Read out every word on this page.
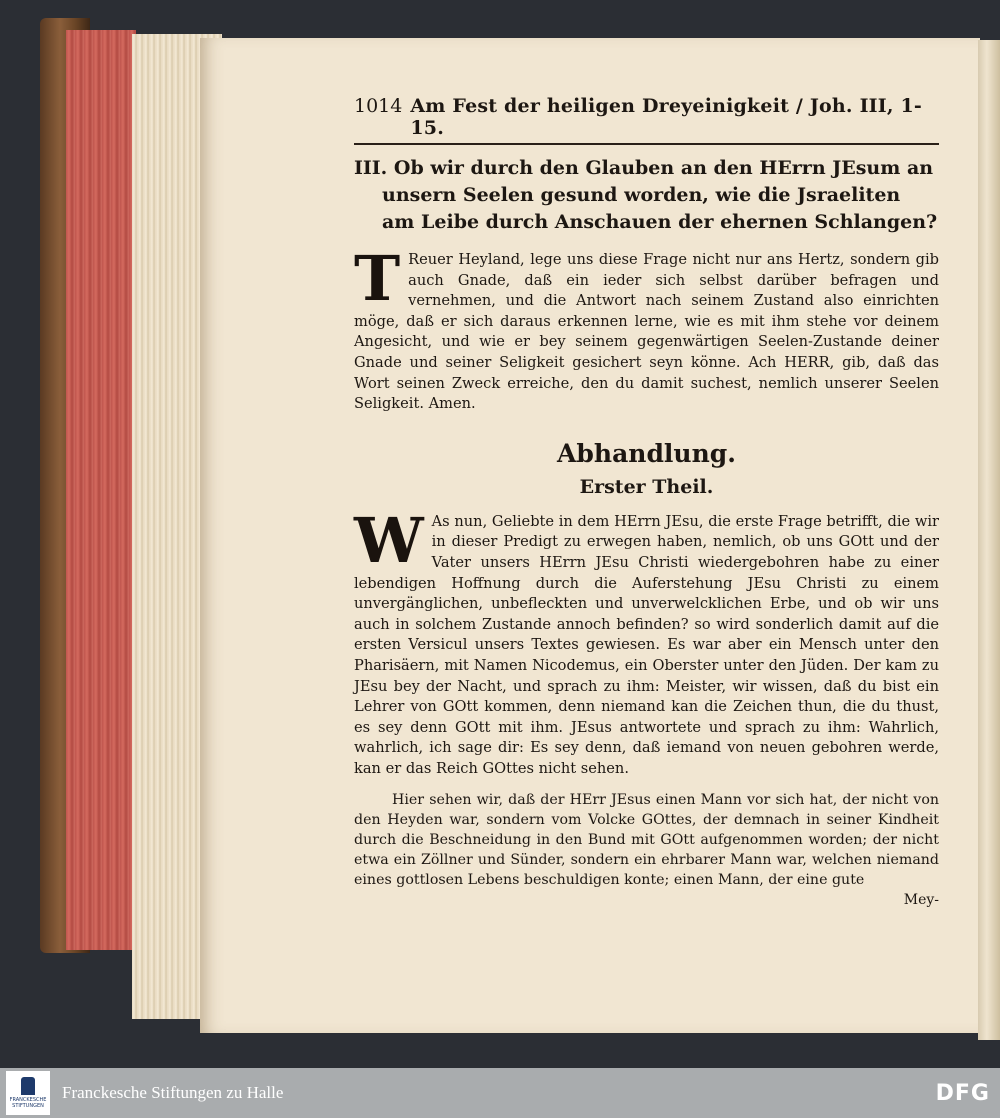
1014 Am Fest der heiligen Dreyeinigkeit / Joh. III, 1-15.
III. Ob wir durch den Glauben an den HErrn JEsum an unsern Seelen gesund worden, wie die Jsraeliten am Leibe durch Anschauen der ehernen Schlangen?
T Reuer Heyland, lege uns diese Frage nicht nur ans Hertz, sondern gib auch Gnade, daß ein ieder sich selbst darüber befragen und vernehmen, und die Antwort nach seinem Zustand also einrichten möge, daß er sich daraus erkennen lerne, wie es mit ihm stehe vor deinem Angesicht, und wie er bey seinem gegenwärtigen Seelen-Zustande deiner Gnade und seiner Seligkeit gesichert seyn könne. Ach HERR, gib, daß das Wort seinen Zweck erreiche, den du damit suchest, nemlich unserer Seelen Seligkeit. Amen.
Abhandlung.
Erster Theil.
W As nun, Geliebte in dem HErrn JEsu, die erste Frage betrifft, die wir in dieser Predigt zu erwegen haben, nemlich, ob uns GOtt und der Vater unsers HErrn JEsu Christi wiedergebohren habe zu einer lebendigen Hoffnung durch die Auferstehung JEsu Christi zu einem unvergänglichen, unbefleckten und unverwelcklichen Erbe, und ob wir uns auch in solchem Zustande annoch befinden? so wird sonderlich damit auf die ersten Versicul unsers Textes gewiesen. Es war aber ein Mensch unter den Pharisäern, mit Namen Nicodemus, ein Oberster unter den Jüden. Der kam zu JEsu bey der Nacht, und sprach zu ihm: Meister, wir wissen, daß du bist ein Lehrer von GOtt kommen, denn niemand kan die Zeichen thun, die du thust, es sey denn GOtt mit ihm. JEsus antwortete und sprach zu ihm: Wahrlich, wahrlich, ich sage dir: Es sey denn, daß iemand von neuen gebohren werde, kan er das Reich GOttes nicht sehen.
Hier sehen wir, daß der HErr JEsus einen Mann vor sich hat, der nicht von den Heyden war, sondern vom Volcke GOttes, der demnach in seiner Kindheit durch die Beschneidung in den Bund mit GOtt aufgenommen worden; der nicht etwa ein Zöllner und Sünder, sondern ein ehrbarer Mann war, welchen niemand eines gottlosen Lebens beschuldigen konte; einen Mann, der eine gute
Mey-
FRANCKESCHE STIFTUNGEN
Franckesche Stiftungen zu Halle	DFG
